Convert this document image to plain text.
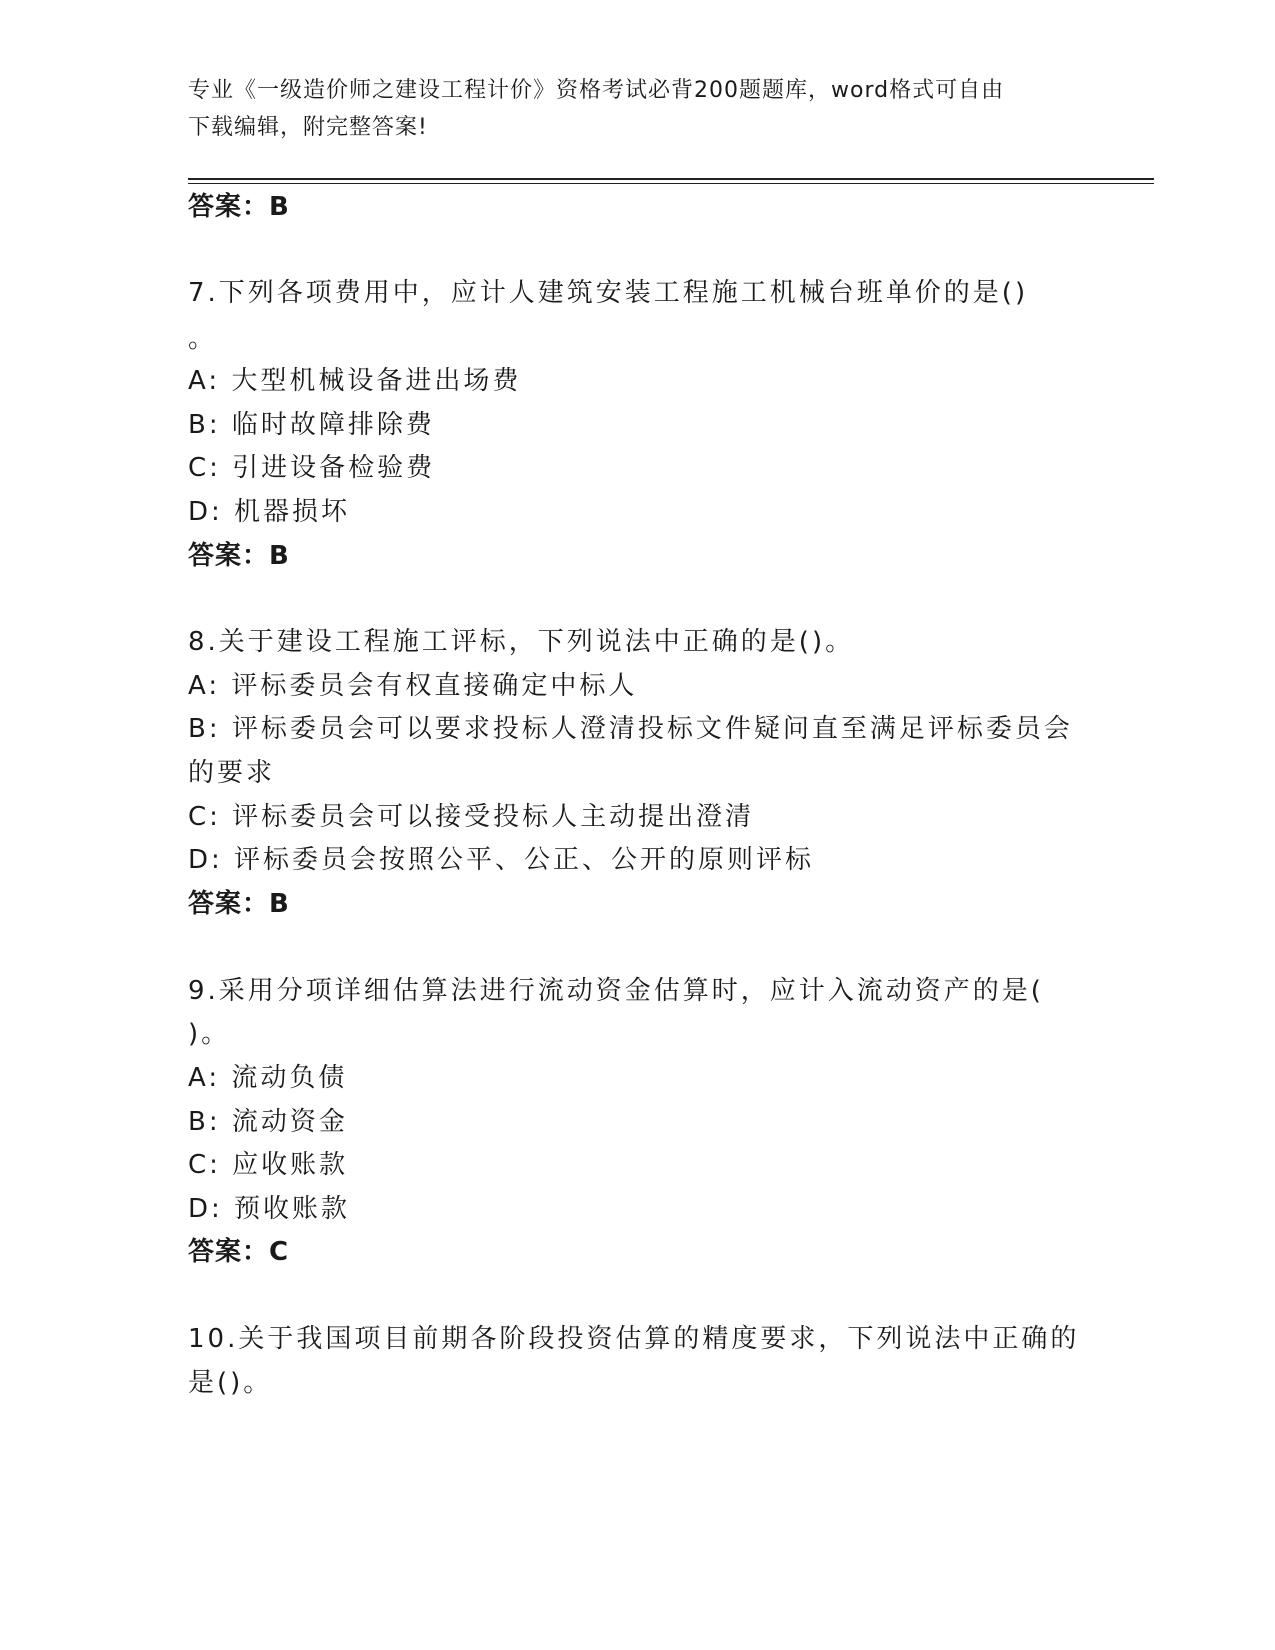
专业《一级造价师之建设工程计价》资格考试必背200题题库，word格式可自由
下载编辑，附完整答案!
答案：B
7.下列各项费用中，应计人建筑安装工程施工机械台班单价的是()
。
A: 大型机械设备进出场费
B: 临时故障排除费
C: 引进设备检验费
D: 机器损坏
答案：B
8.关于建设工程施工评标，下列说法中正确的是()。
A: 评标委员会有权直接确定中标人
B: 评标委员会可以要求投标人澄清投标文件疑问直至满足评标委员会
的要求
C: 评标委员会可以接受投标人主动提出澄清
D: 评标委员会按照公平、公正、公开的原则评标
答案：B
9.采用分项详细估算法进行流动资金估算时，应计入流动资产的是(
)。
A: 流动负债
B: 流动资金
C: 应收账款
D: 预收账款
答案：C
10.关于我国项目前期各阶段投资估算的精度要求，下列说法中正确的
是()。
